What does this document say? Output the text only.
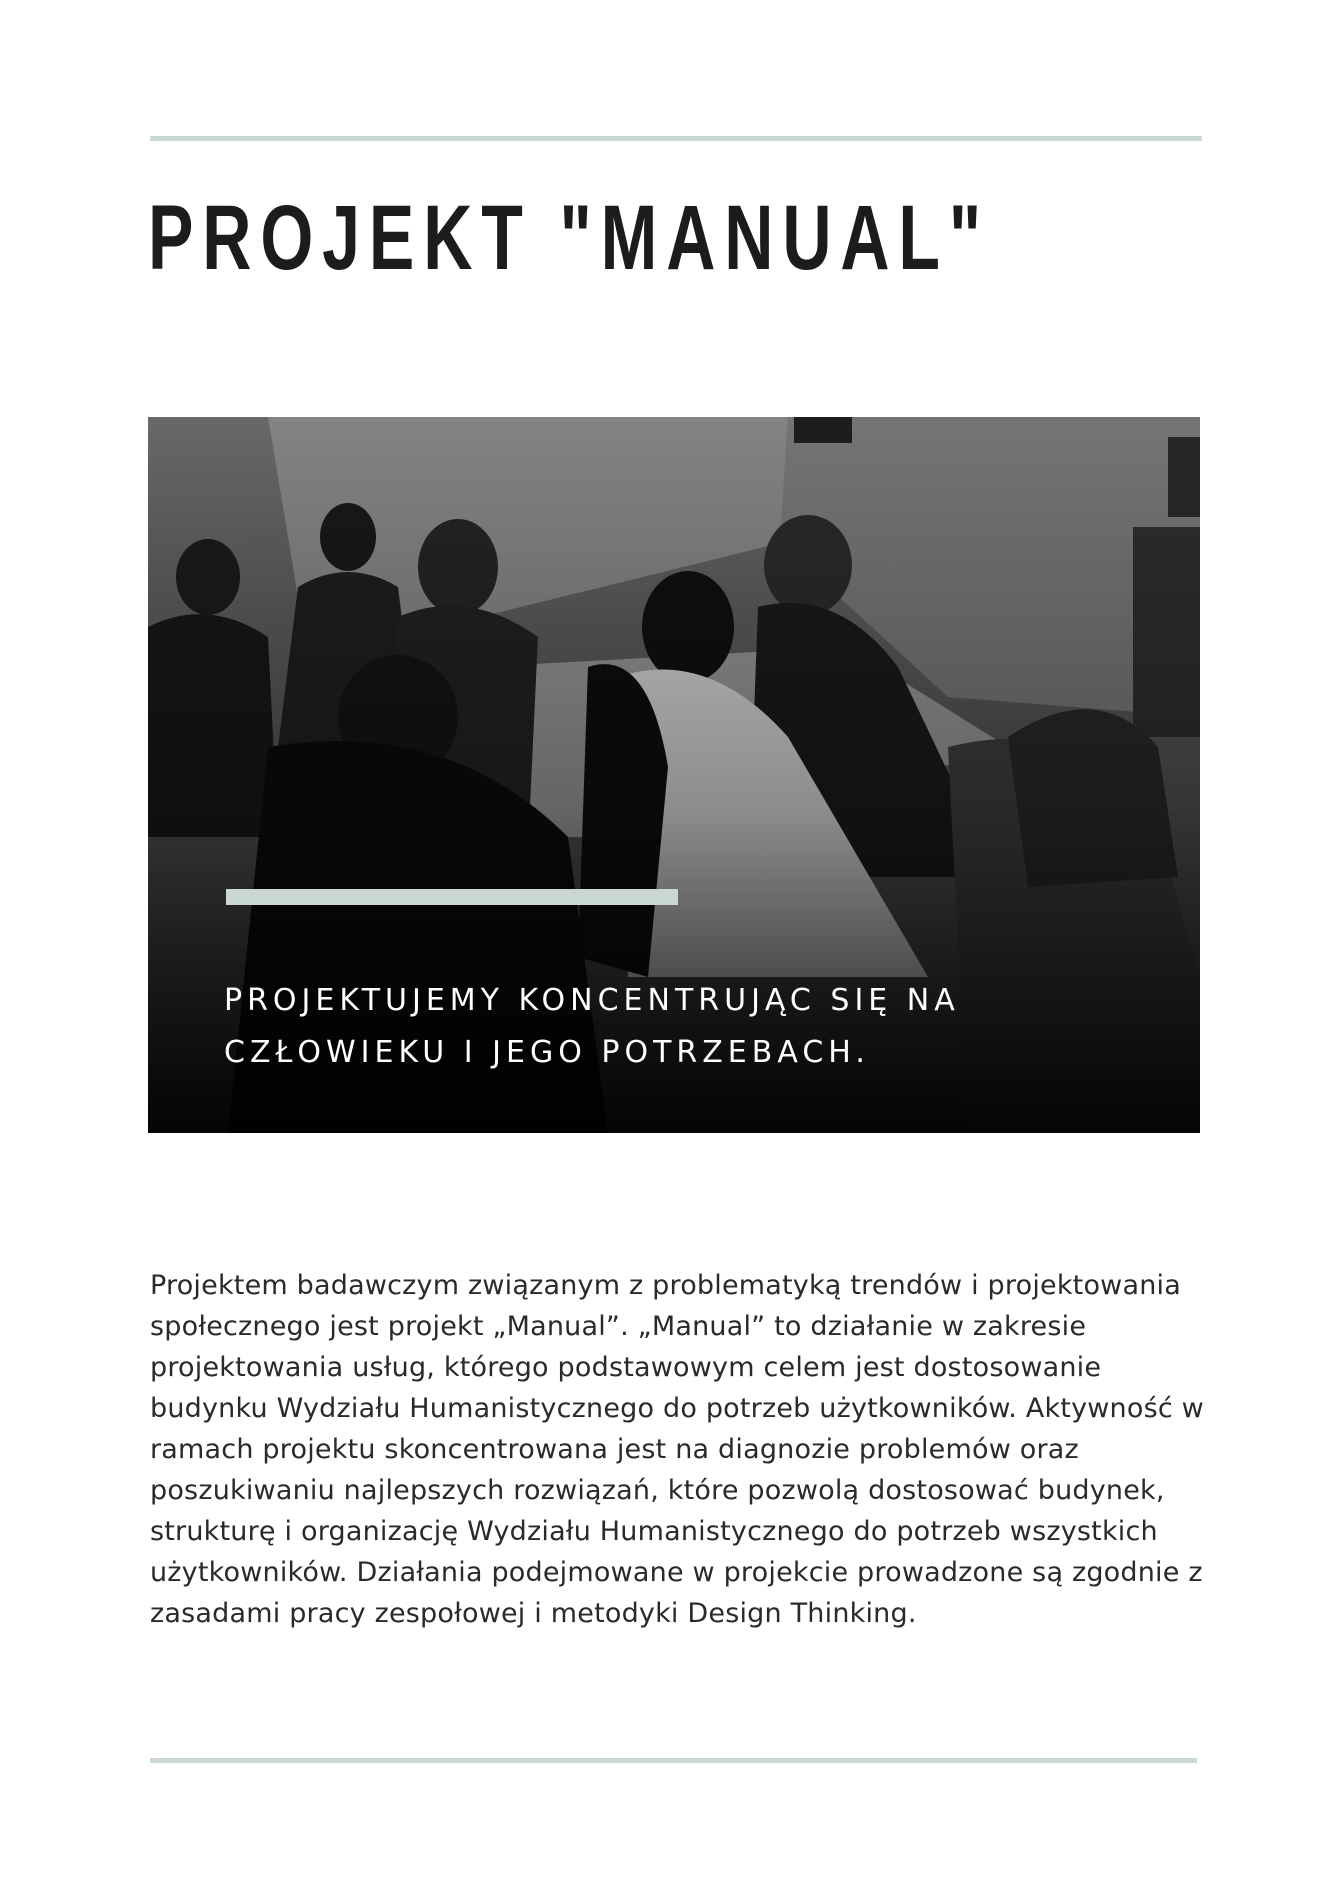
PROJEKT "MANUAL"

PROJEKTUJEMY KONCENTRUJĄC SIĘ NA CZŁOWIEKU I JEGO POTRZEBACH.

Projektem badawczym związanym z problematyką trendów i projektowania społecznego jest projekt „Manual”. „Manual” to działanie w zakresie projektowania usług, którego podstawowym celem jest dostosowanie budynku Wydziału Humanistycznego do potrzeb użytkowników. Aktywność w ramach projektu skoncentrowana jest na diagnozie problemów oraz poszukiwaniu najlepszych rozwiązań, które pozwolą dostosować budynek, strukturę i organizację Wydziału Humanistycznego do potrzeb wszystkich użytkowników. Działania podejmowane w projekcie prowadzone są zgodnie z zasadami pracy zespołowej i metodyki Design Thinking.
